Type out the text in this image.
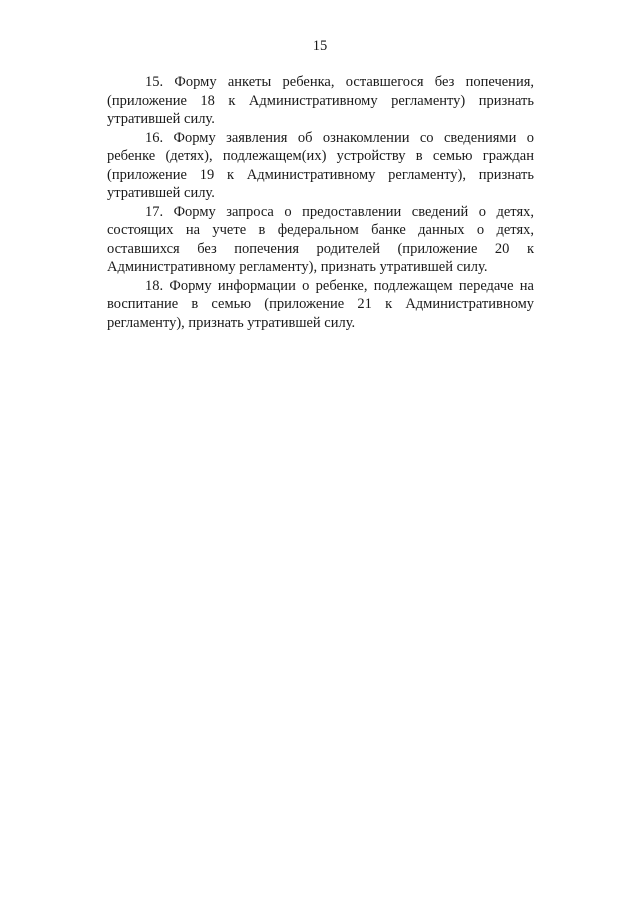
15

15. Форму анкеты ребенка, оставшегося без попечения, (приложение 18 к Административному регламенту) признать утратившей силу.

16. Форму заявления об ознакомлении со сведениями о ребенке (детях), подлежащем(их) устройству в семью граждан (приложение 19 к Административному регламенту), признать утратившей силу.

17. Форму запроса о предоставлении сведений о детях, состоящих на учете в федеральном банке данных о детях, оставшихся без попечения родителей (приложение 20 к Административному регламенту), признать утратившей силу.

18. Форму информации о ребенке, подлежащем передаче на воспитание в семью (приложение 21 к Административному регламенту), признать утратившей силу.
